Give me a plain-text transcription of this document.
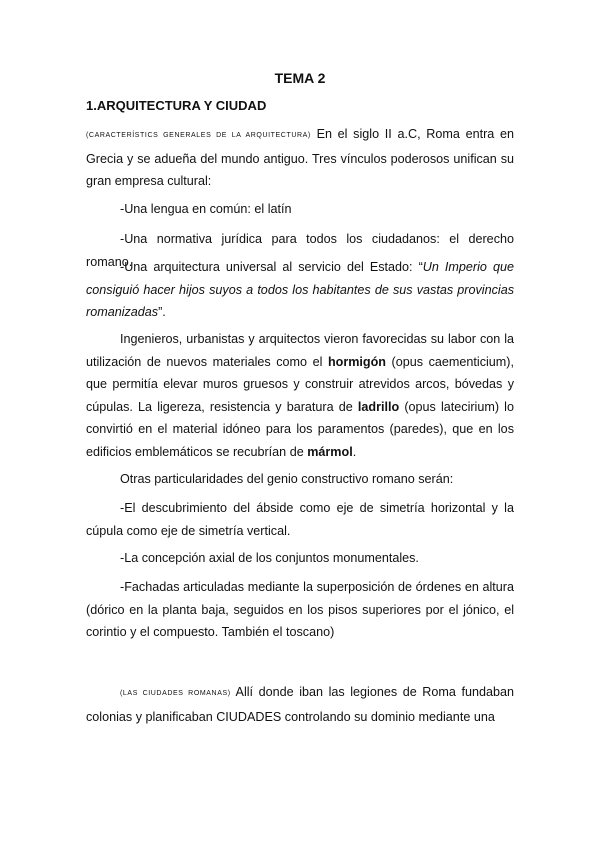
TEMA 2
1.ARQUITECTURA Y CIUDAD

(CARACTERÍSTICS GENERALES DE LA ARQUITECTURA) En el siglo II a.C, Roma entra en Grecia y se adueña del mundo antiguo. Tres vínculos poderosos unifican su gran empresa cultural:

-Una lengua en común: el latín

-Una normativa jurídica para todos los ciudadanos: el derecho romano.

-Una arquitectura universal al servicio del Estado: “Un Imperio que consiguió hacer hijos suyos a todos los habitantes de sus vastas provincias romanizadas”.

Ingenieros, urbanistas y arquitectos vieron favorecidas su labor con la utilización de nuevos materiales como el hormigón (opus caementicium), que permitía elevar muros gruesos y construir atrevidos arcos, bóvedas y cúpulas. La ligereza, resistencia y baratura de ladrillo (opus latecirium) lo convirtió en el material idóneo para los paramentos (paredes), que en los edificios emblemáticos se recubrían de mármol.

Otras particularidades del genio constructivo romano serán:

-El descubrimiento del ábside como eje de simetría horizontal y la cúpula como eje de simetría vertical.

-La concepción axial de los conjuntos monumentales.

-Fachadas articuladas mediante la superposición de órdenes en altura (dórico en la planta baja, seguidos en los pisos superiores por el jónico, el corintio y el compuesto. También el toscano)

(LAS CIUDADES ROMANAS) Allí donde iban las legiones de Roma fundaban colonias y planificaban CIUDADES controlando su dominio mediante una
